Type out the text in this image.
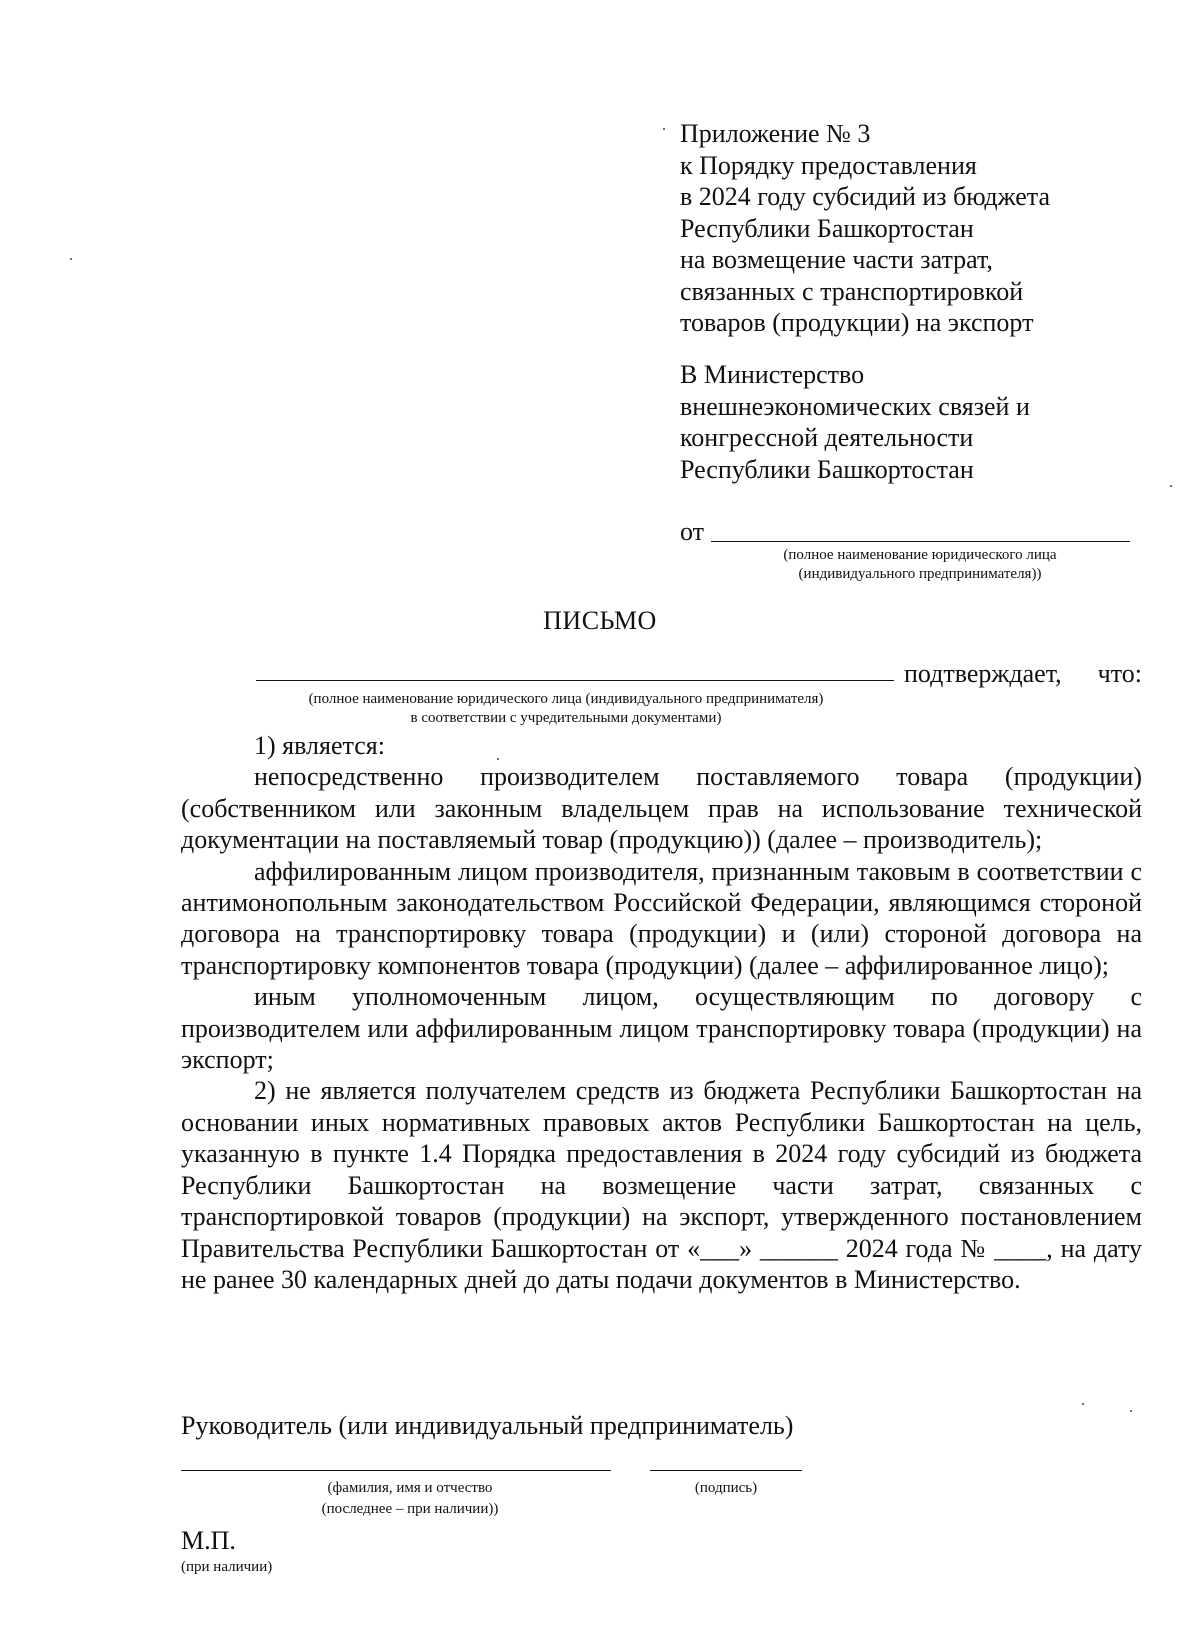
Приложение № 3
к Порядку предоставления
в 2024 году субсидий из бюджета
Республики Башкортостан
на возмещение части затрат,
связанных с транспортировкой
товаров (продукции) на экспорт
В Министерство
внешнеэкономических связей и
конгрессной деятельности
Республики Башкортостан
от
(полное наименование юридического лица
(индивидуального предпринимателя))
ПИСЬМО
подтверждает, что:
(полное наименование юридического лица (индивидуального предпринимателя)
в соответствии с учредительными документами)

1) является:

непосредственно производителем поставляемого товара (продукции) (собственником или законным владельцем прав на использование технической документации на поставляемый товар (продукцию)) (далее – производитель);

аффилированным лицом производителя, признанным таковым в соответствии с антимонопольным законодательством Российской Федерации, являющимся стороной договора на транспортировку товара (продукции) и (или) стороной договора на транспортировку компонентов товара (продукции) (далее – аффилированное лицо);

иным уполномоченным лицом, осуществляющим по договору с производителем или аффилированным лицом транспортировку товара (продукции) на экспорт;

2) не является получателем средств из бюджета Республики Башкортостан на основании иных нормативных правовых актов Республики Башкортостан на цель, указанную в пункте 1.4 Порядка предоставления в 2024 году субсидий из бюджета Республики Башкортостан на возмещение части затрат, связанных с транспортировкой товаров (продукции) на экспорт, утвержденного постановлением Правительства Республики Башкортостан от «___» ______ 2024 года № ____, на дату не ранее 30 календарных дней до даты подачи документов в Министерство.

Руководитель (или индивидуальный предприниматель)
(фамилия, имя и отчество
(последнее – при наличии))
(подпись)
М.П.
(при наличии)
